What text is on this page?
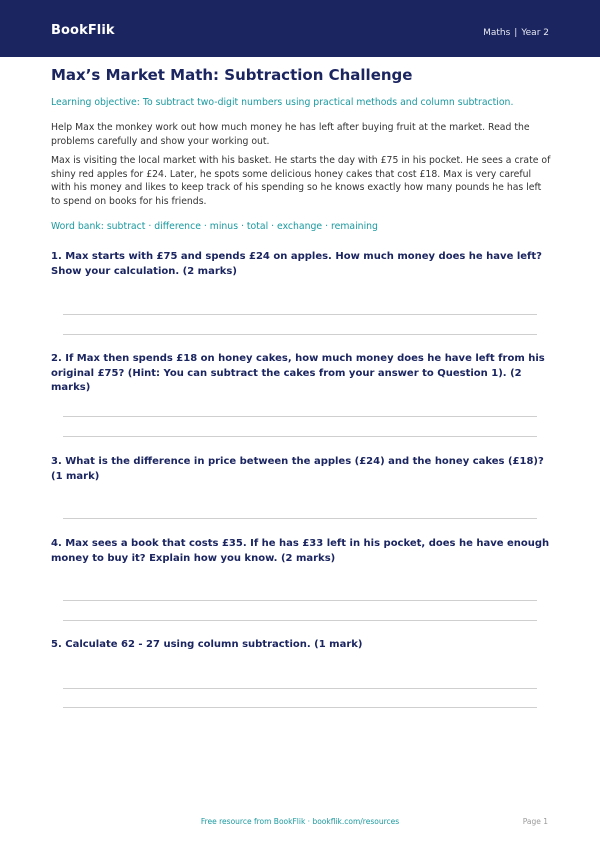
BookFlik	Maths | Year 2
Max’s Market Math: Subtraction Challenge
Learning objective: To subtract two-digit numbers using practical methods and column subtraction.
Help Max the monkey work out how much money he has left after buying fruit at the market. Read the problems carefully and show your working out.
Max is visiting the local market with his basket. He starts the day with £75 in his pocket. He sees a crate of shiny red apples for £24. Later, he spots some delicious honey cakes that cost £18. Max is very careful with his money and likes to keep track of his spending so he knows exactly how many pounds he has left to spend on books for his friends.
Word bank: subtract · difference · minus · total · exchange · remaining
1. Max starts with £75 and spends £24 on apples. How much money does he have left? Show your calculation. (2 marks)
2. If Max then spends £18 on honey cakes, how much money does he have left from his original £75? (Hint: You can subtract the cakes from your answer to Question 1). (2 marks)
3. What is the difference in price between the apples (£24) and the honey cakes (£18)? (1 mark)
4. Max sees a book that costs £35. If he has £33 left in his pocket, does he have enough money to buy it? Explain how you know. (2 marks)
5. Calculate 62 - 27 using column subtraction. (1 mark)
Free resource from BookFlik · bookflik.com/resources	Page 1
